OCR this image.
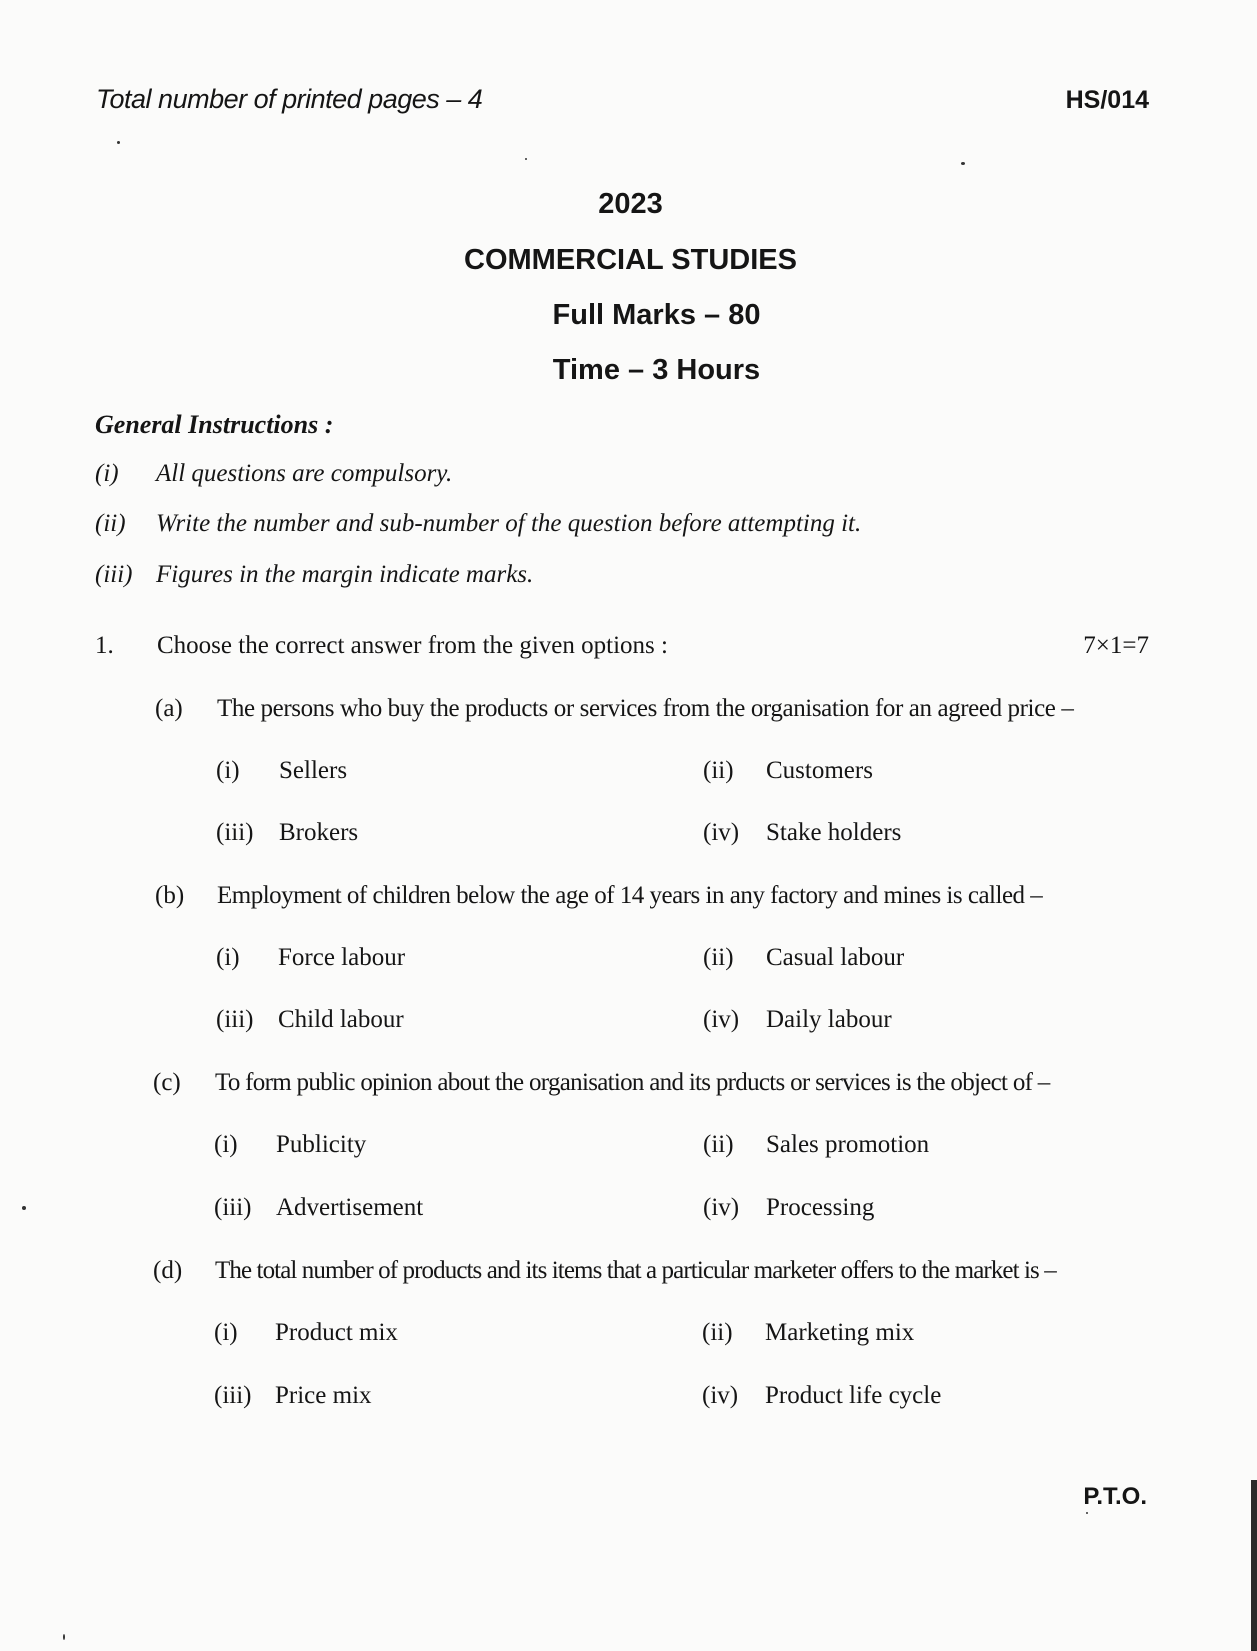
Total number of printed pages – 4	HS/014
2023
COMMERCIAL STUDIES
Full Marks – 80
Time – 3 Hours
General Instructions :
(i) All questions are compulsory.
(ii) Write the number and sub-number of the question before attempting it.
(iii) Figures in the margin indicate marks.
1. Choose the correct answer from the given options :	7×1=7
(a) The persons who buy the products or services from the organisation for an agreed price –
(i) Sellers	(ii) Customers
(iii) Brokers	(iv) Stake holders
(b) Employment of children below the age of 14 years in any factory and mines is called –
(i) Force labour	(ii) Casual labour
(iii) Child labour	(iv) Daily labour
(c) To form public opinion about the organisation and its prducts or services is the object of –
(i) Publicity	(ii) Sales promotion
(iii) Advertisement	(iv) Processing
(d) The total number of products and its items that a particular marketer offers to the market is –
(i) Product mix	(ii) Marketing mix
(iii) Price mix	(iv) Product life cycle
P.T.O.
